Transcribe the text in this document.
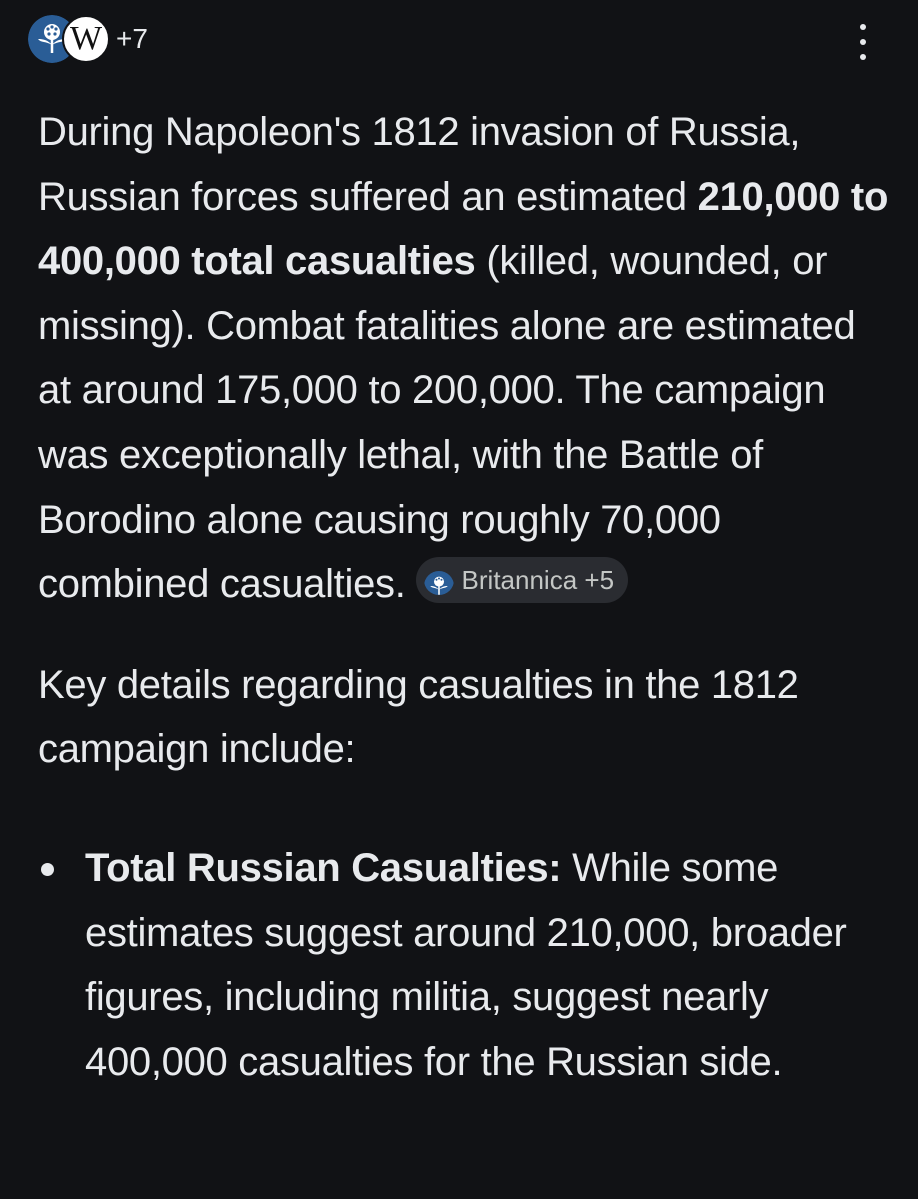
W +7

During Napoleon's 1812 invasion of Russia, Russian forces suffered an estimated 210,000 to 400,000 total casualties (killed, wounded, or missing). Combat fatalities alone are estimated at around 175,000 to 200,000. The campaign was exceptionally lethal, with the Battle of Borodino alone causing roughly 70,000 combined casualties. Britannica +5

Key details regarding casualties in the 1812 campaign include:

Total Russian Casualties: While some estimates suggest around 210,000, broader figures, including militia, suggest nearly 400,000 casualties for the Russian side.
